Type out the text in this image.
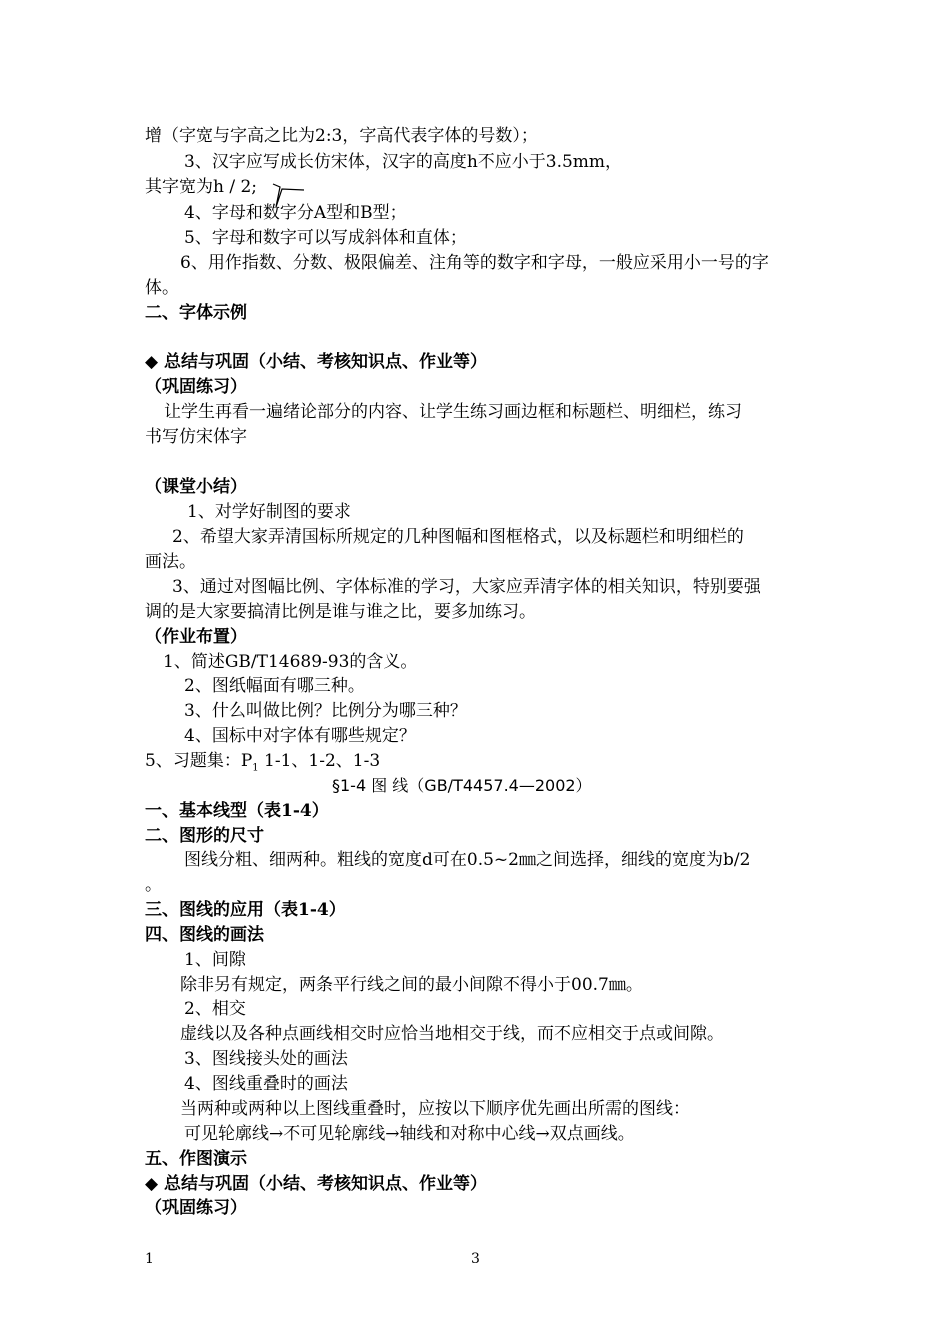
增（字宽与字高之比为2:3，字高代表字体的号数）；
3、汉字应写成长仿宋体，汉字的高度h不应小于3.5mm，
其字宽为h / 2;
4、字母和数字分A型和B型；
5、字母和数字可以写成斜体和直体；
6、用作指数、分数、极限偏差、注角等的数字和字母，一般应采用小一号的字
体。
二、字体示例
◆ 总结与巩固（小结、考核知识点、作业等）
（巩固练习）
让学生再看一遍绪论部分的内容、让学生练习画边框和标题栏、明细栏，练习
书写仿宋体字
（课堂小结）
1、对学好制图的要求
2、希望大家弄清国标所规定的几种图幅和图框格式，以及标题栏和明细栏的
画法。
3、通过对图幅比例、字体标准的学习，大家应弄清字体的相关知识，特别要强
调的是大家要搞清比例是谁与谁之比，要多加练习。
（作业布置）
1、简述GB/T14689-93的含义。
2、图纸幅面有哪三种。
3、什么叫做比例？比例分为哪三种？
4、国标中对字体有哪些规定？
5、习题集：$P_1$ 1-1、1-2、1-3
§1-4 图 线（GB/T4457.4—2002）
一、基本线型（表1-4）
二、图形的尺寸
图线分粗、细两种。粗线的宽度d可在0.5~2㎜之间选择，细线的宽度为b/2
。
三、图线的应用（表1-4）
四、图线的画法
1、间隙
除非另有规定，两条平行线之间的最小间隙不得小于00.7㎜。
2、相交
虚线以及各种点画线相交时应恰当地相交于线，而不应相交于点或间隙。
3、图线接头处的画法
4、图线重叠时的画法
当两种或两种以上图线重叠时，应按以下顺序优先画出所需的图线：
可见轮廓线→不可见轮廓线→轴线和对称中心线→双点画线。
五、作图演示
◆ 总结与巩固（小结、考核知识点、作业等）
（巩固练习）
1	3
